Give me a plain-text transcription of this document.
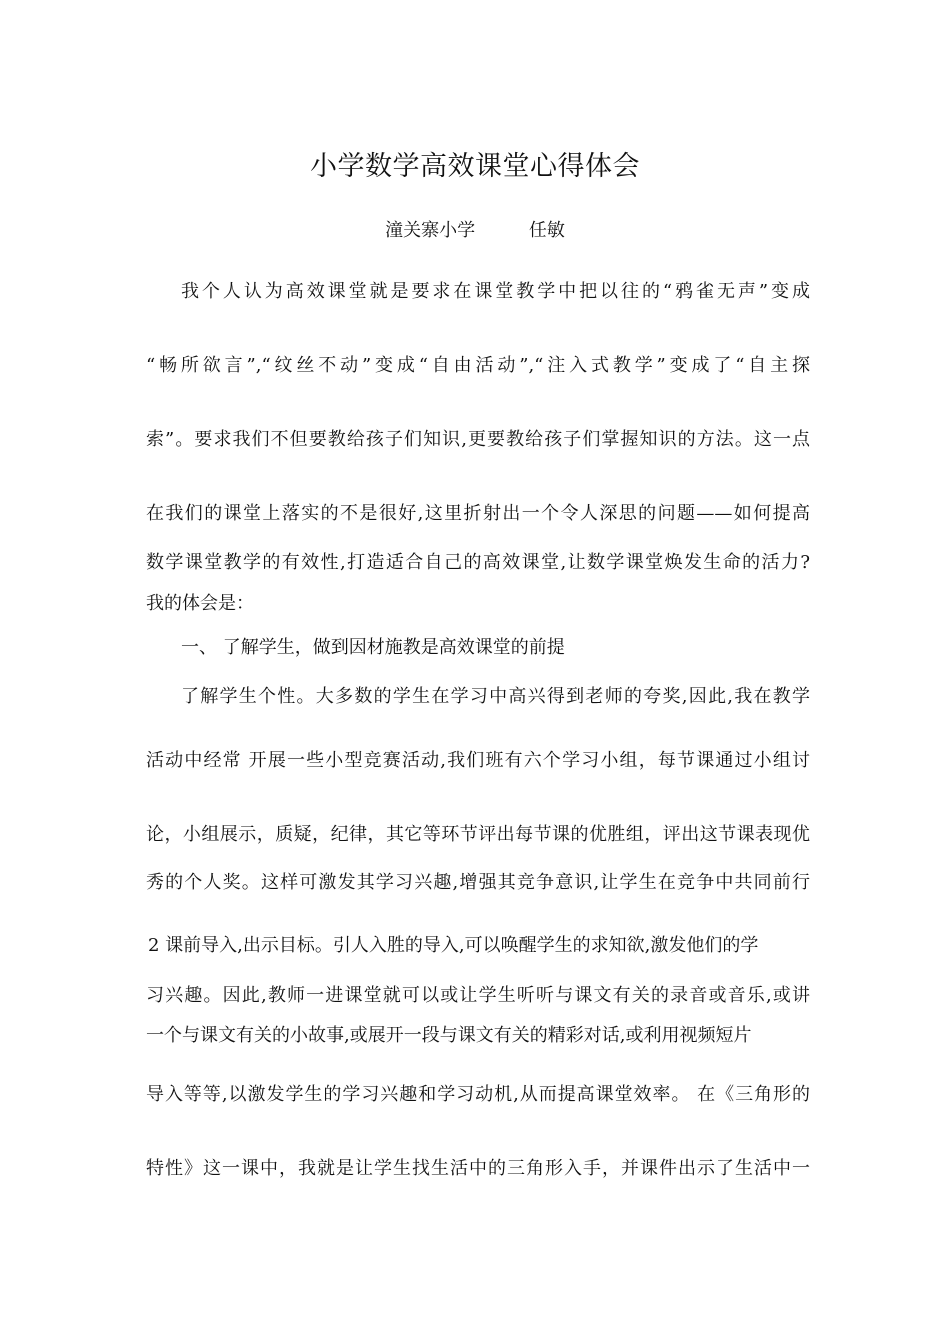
小学数学高效课堂心得体会
潼关寨小学	任敏
我个人认为高效课堂就是要求在课堂教学中把以往的“鸦雀无声”变成
“畅所欲言”,“纹丝不动”变成“自由活动”,“注入式教学”变成了“自主探
索”。要求我们不但要教给孩子们知识,更要教给孩子们掌握知识的方法。这一点
在我们的课堂上落实的不是很好,这里折射出一个令人深思的问题——如何提高
数学课堂教学的有效性,打造适合自己的高效课堂,让数学课堂焕发生命的活力?
我的体会是：
一、 了解学生，做到因材施教是高效课堂的前提
了解学生个性。大多数的学生在学习中高兴得到老师的夸奖,因此,我在教学
活动中经常 开展一些小型竞赛活动,我们班有六个学习小组，每节课通过小组讨
论，小组展示，质疑，纪律，其它等环节评出每节课的优胜组，评出这节课表现优
秀的个人奖。这样可激发其学习兴趣,增强其竞争意识,让学生在竞争中共同前行
2 课前导入,出示目标。引人入胜的导入,可以唤醒学生的求知欲,激发他们的学
习兴趣。因此,教师一进课堂就可以或让学生听听与课文有关的录音或音乐,或讲
一个与课文有关的小故事,或展开一段与课文有关的精彩对话,或利用视频短片
导入等等,以激发学生的学习兴趣和学习动机,从而提高课堂效率。 在《三角形的
特性》这一课中，我就是让学生找生活中的三角形入手，并课件出示了生活中一
